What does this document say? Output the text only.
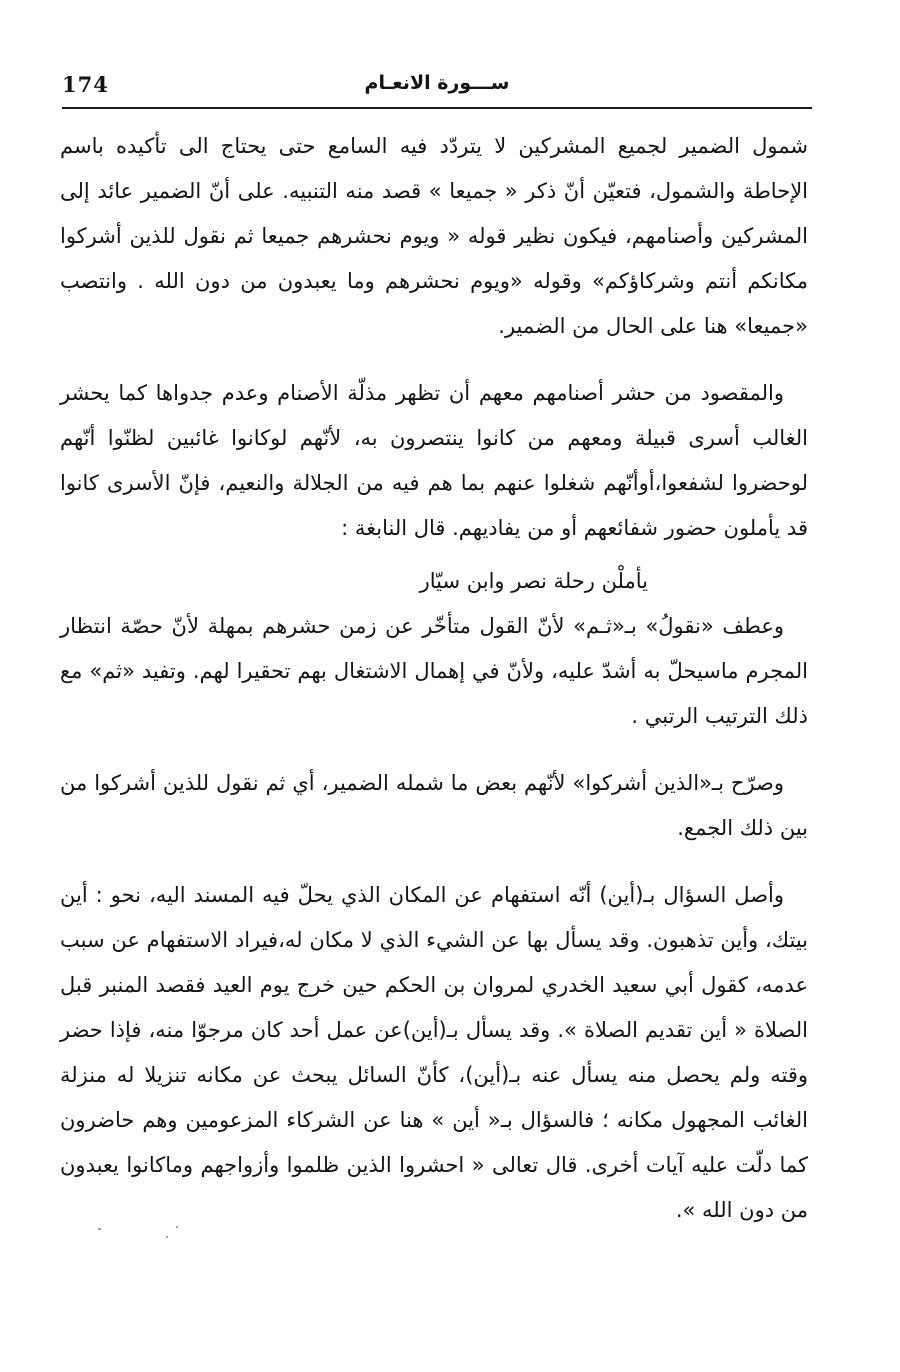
174	ســـورة الانعـام

شمول الضمير لجميع المشركين لا يتردّد فيه السامع حتى يحتاج الى تأكيده باسم الإحاطة والشمول، فتعيّن أنّ ذكر « جميعا » قصد منه التنبيه. على أنّ الضمير عائد إلى المشركين وأصنامهم، فيكون نظير قوله « ويوم نحشرهم جميعا ثم نقول للذين أشركوا مكانكم أنتم وشركاؤكم» وقوله «ويوم نحشرهم وما يعبدون من دون الله . وانتصب «جميعا» هنا على الحال من الضمير.

والمقصود من حشر أصنامهم معهم أن تظهر مذلّة الأصنام وعدم جدواها كما يحشر الغالب أسرى قبيلة ومعهم من كانوا ينتصرون به، لأنّهم لوكانوا غائبين لظنّوا أنّهم لوحضروا لشفعوا،أوأنّهم شغلوا عنهم بما هم فيه من الجلالة والنعيم، فإنّ الأسرى كانوا قد يأملون حضور شفائعهم أو من يفاديهم. قال النابغة :

يأملْن رحلة نصر وابن سيّار

وعطف «نقولُ» بـ«ثـم» لأنّ القول متأخّر عن زمن حشرهم بمهلة لأنّ حصّة انتظار المجرم ماسيحلّ به أشدّ عليه، ولأنّ في إهمال الاشتغال بهم تحقيرا لهم. وتفيد «ثم» مع ذلك الترتيب الرتبي .

وصرّح بـ«الذين أشركوا» لأنّهم بعض ما شمله الضمير، أي ثم نقول للذين أشركوا من بين ذلك الجمع.

وأصل السؤال بـ(أين) أنّه استفهام عن المكان الذي يحلّ فيه المسند اليه، نحو : أين بيتك، وأين تذهبون. وقد يسأل بها عن الشيء الذي لا مكان له،فيراد الاستفهام عن سبب عدمه، كقول أبي سعيد الخدري لمروان بن الحكم حين خرج يوم العيد فقصد المنبر قبل الصلاة « أين تقديم الصلاة ». وقد يسأل بـ(أين)عن عمل أحد كان مرجوّا منه، فإذا حضر وقته ولم يحصل منه يسأل عنه بـ(أين)، كأنّ السائل يبحث عن مكانه تنزيلا له منزلة الغائب المجهول مكانه ؛ فالسؤال بـ« أين » هنا عن الشركاء المزعومين وهم حاضرون كما دلّت عليه آيات أخرى. قال تعالى « احشروا الذين ظلموا وأزواجهم وماكانوا يعبدون من دون الله ».
